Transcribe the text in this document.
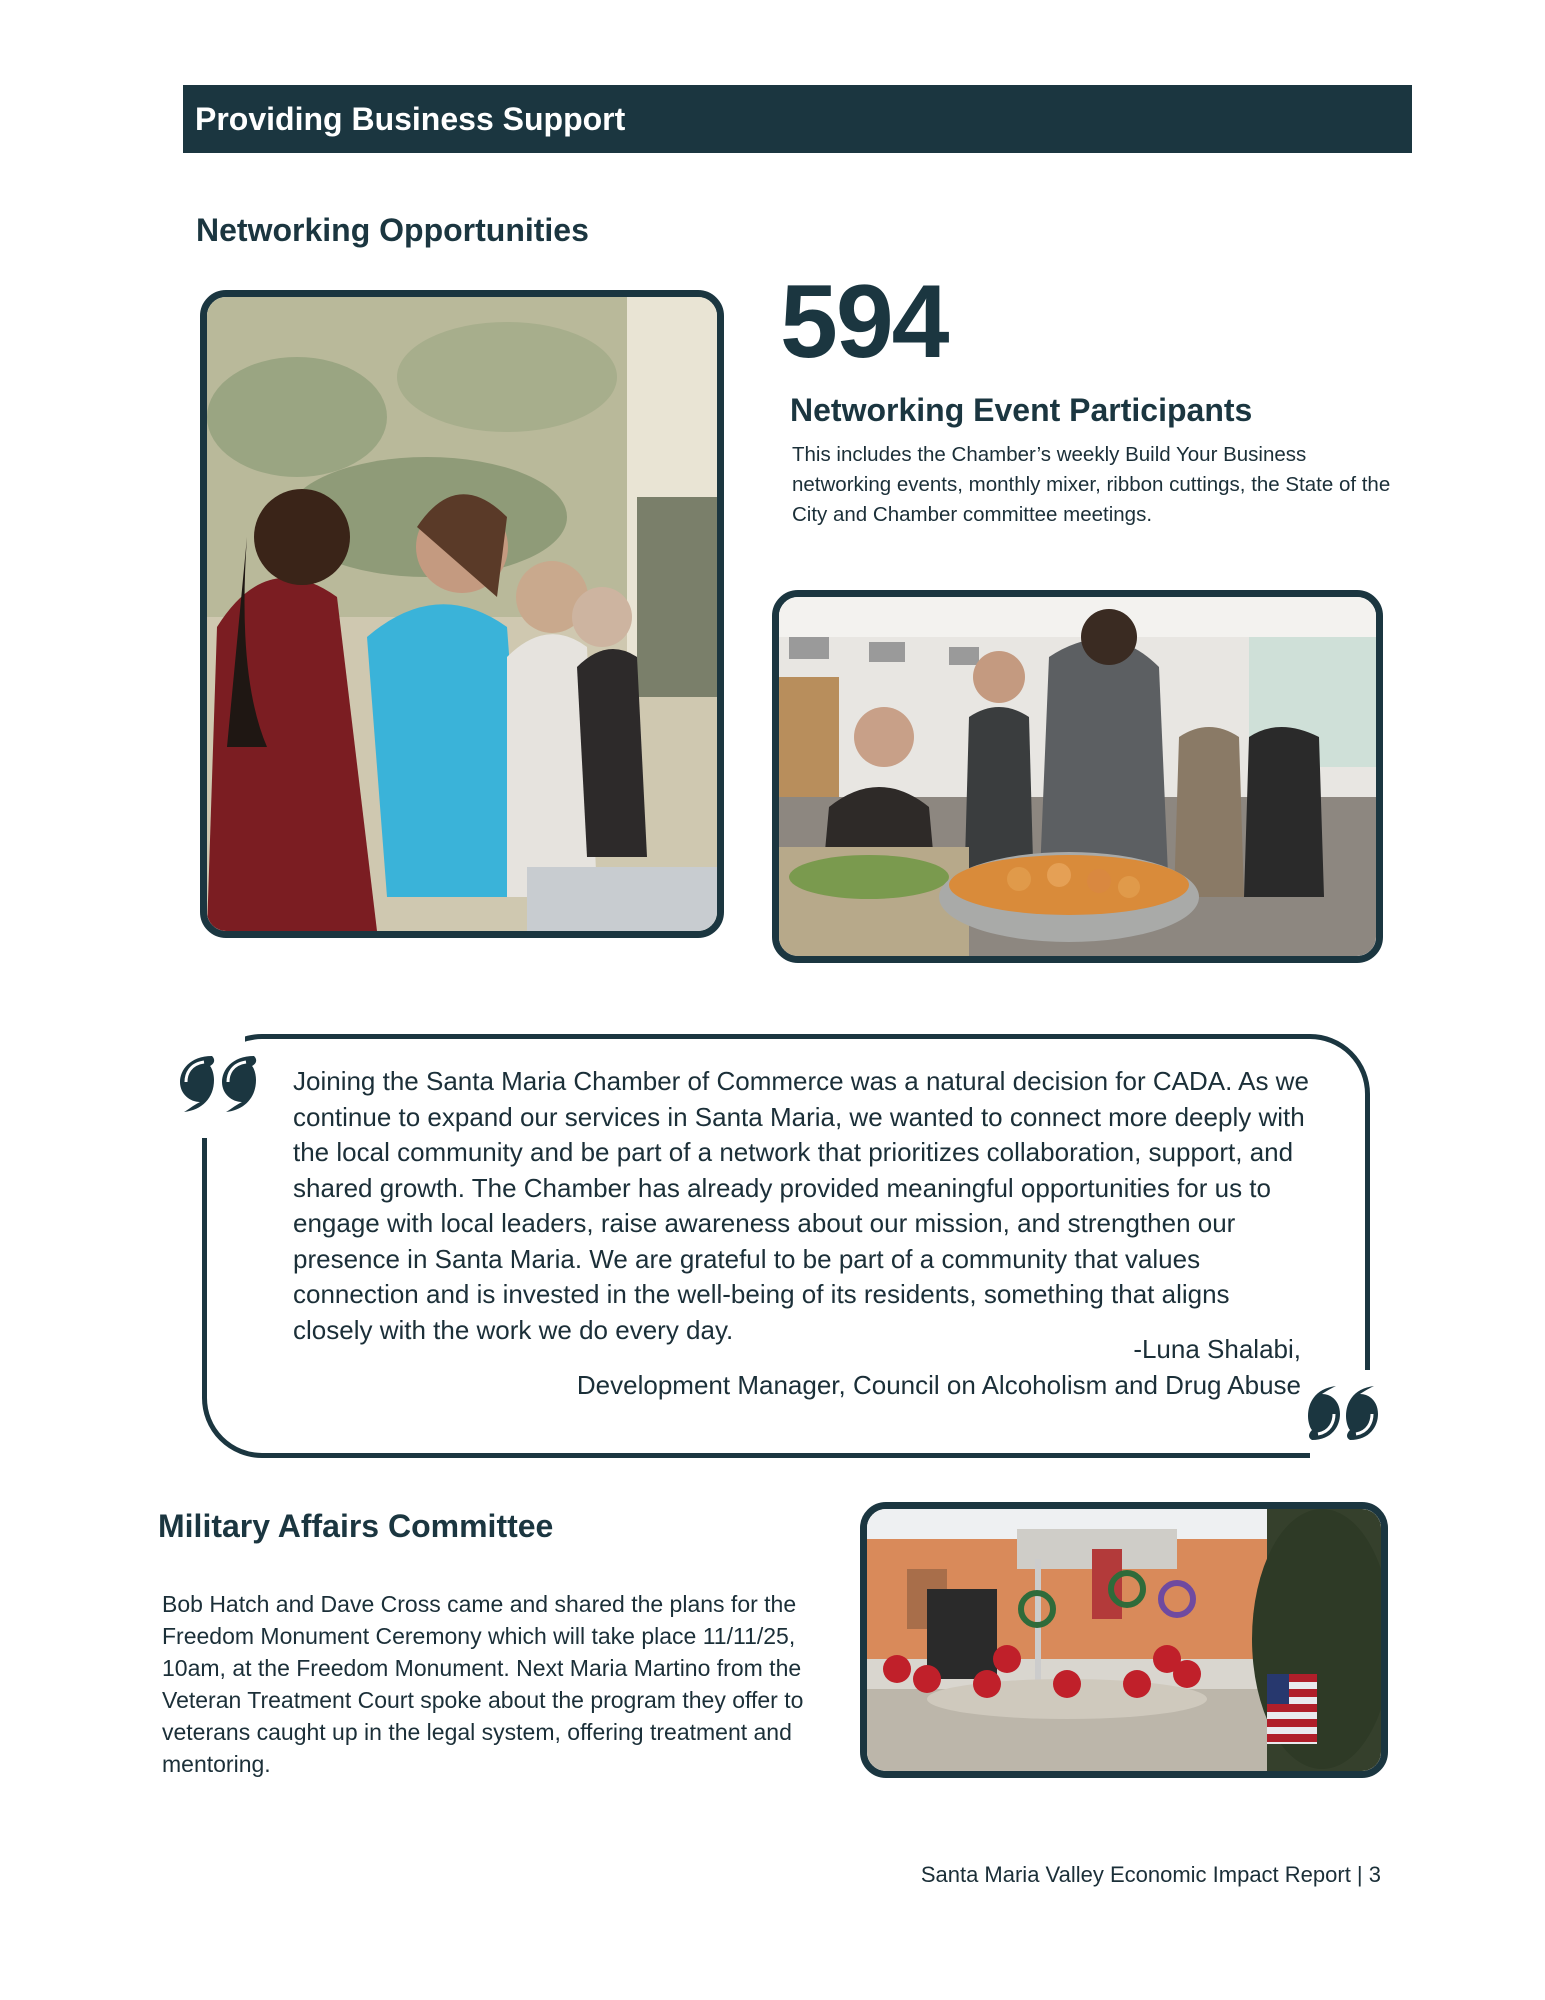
Providing Business Support
Networking Opportunities
594
Networking Event Participants
This includes the Chamber’s weekly Build Your Business networking events, monthly mixer, ribbon cuttings, the State of the City and Chamber committee meetings.
Joining the Santa Maria Chamber of Commerce was a natural decision for CADA. As we continue to expand our services in Santa Maria, we wanted to connect more deeply with the local community and be part of a network that prioritizes collaboration, support, and shared growth. The Chamber has already provided meaningful opportunities for us to engage with local leaders, raise awareness about our mission, and strengthen our presence in Santa Maria. We are grateful to be part of a community that values connection and is invested in the well-being of its residents, something that aligns closely with the work we do every day.
-Luna Shalabi,
Development Manager, Council on Alcoholism and Drug Abuse
Military Affairs Committee
Bob Hatch and Dave Cross came and shared the plans for the Freedom Monument Ceremony which will take place 11/11/25, 10am, at the Freedom Monument. Next Maria Martino from the Veteran Treatment Court spoke about the program they offer to veterans caught up in the legal system, offering treatment and mentoring.
Santa Maria Valley Economic Impact Report | 3
